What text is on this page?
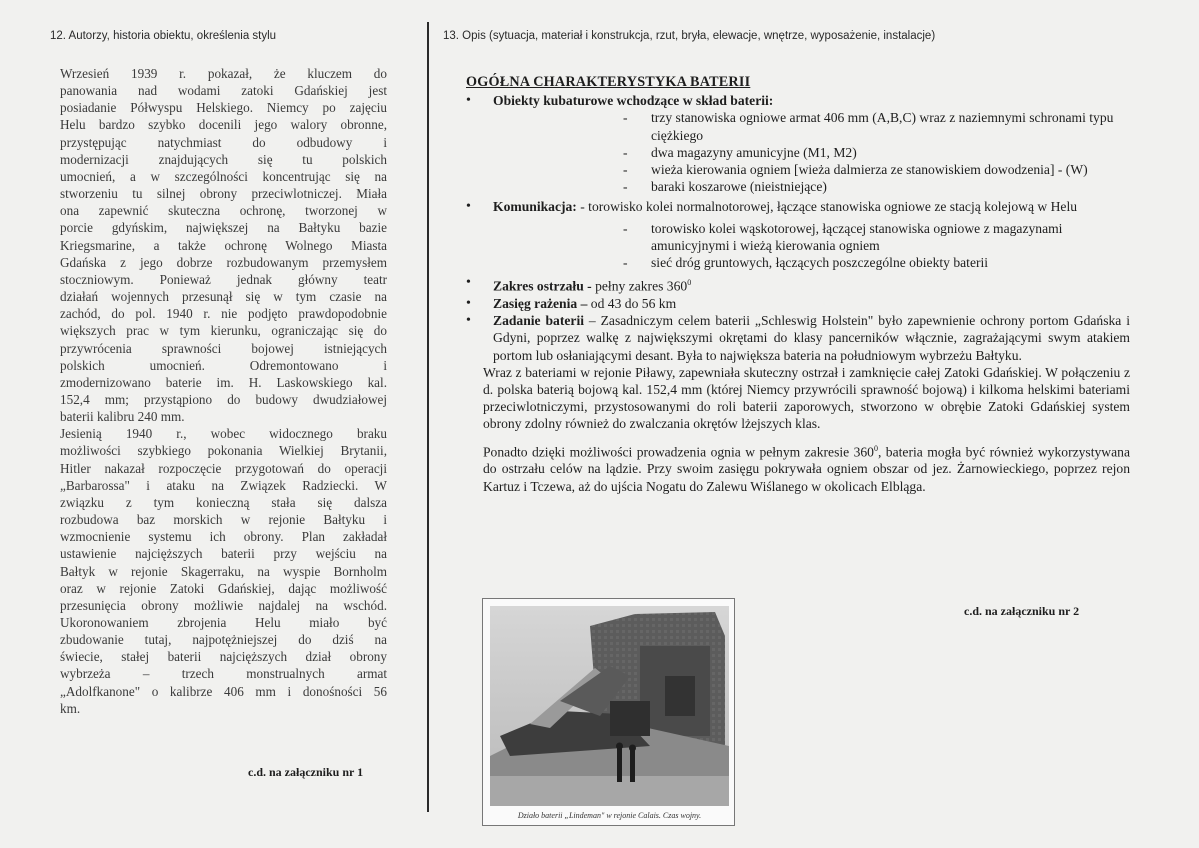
12. Autorzy, historia obiektu, określenia stylu	13. Opis (sytuacja, materiał i konstrukcja, rzut, bryła, elewacje, wnętrze, wyposażenie, instalacje)
Wrzesień 1939 r. pokazał, że kluczem do
panowania nad wodami zatoki Gdańskiej jest
posiadanie Półwyspu Helskiego. Niemcy po zajęciu
Helu bardzo szybko docenili jego walory obronne,
przystępując natychmiast do odbudowy i
modernizacji znajdujących się tu polskich
umocnień, a w szczególności koncentrując się na
stworzeniu tu silnej obrony przeciwlotniczej. Miała
ona zapewnić skuteczna ochronę, tworzonej w
porcie gdyńskim, największej na Bałtyku bazie
Kriegsmarine, a także ochronę Wolnego Miasta
Gdańska z jego dobrze rozbudowanym przemysłem
stoczniowym. Ponieważ jednak główny teatr
działań wojennych przesunął się w tym czasie na
zachód, do pol. 1940 r. nie podjęto prawdopodobnie
większych prac w tym kierunku, ograniczając się do
przywrócenia sprawności bojowej istniejących
polskich umocnień. Odremontowano i
zmodernizowano baterie im. H. Laskowskiego kal.
152,4 mm; przystąpiono do budowy dwudziałowej
baterii kalibru 240 mm.
Jesienią 1940 r., wobec widocznego braku
możliwości szybkiego pokonania Wielkiej Brytanii,
Hitler nakazał rozpoczęcie przygotowań do operacji
„Barbarossa" i ataku na Związek Radziecki. W
związku z tym konieczną stała się dalsza
rozbudowa baz morskich w rejonie Bałtyku i
wzmocnienie systemu ich obrony. Plan zakładał
ustawienie najcięższych baterii przy wejściu na
Bałtyk w rejonie Skagerraku, na wyspie Bornholm
oraz w rejonie Zatoki Gdańskiej, dając możliwość
przesunięcia obrony możliwie najdalej na wschód.
Ukoronowaniem zbrojenia Helu miało być
zbudowanie tutaj, najpotężniejszej do dziś na
świecie, stałej baterii najcięższych dział obrony
wybrzeża – trzech monstrualnych armat
„Adolfkanone" o kalibrze 406 mm i donośności 56
km.
c.d. na załączniku nr 1
OGÓŁNA CHARAKTERYSTYKA BATERII
• Obiekty kubaturowe wchodzące w skład baterii:
- trzy stanowiska ogniowe armat 406 mm (A,B,C) wraz z naziemnymi schronami typu ciężkiego
- dwa magazyny amunicyjne (M1, M2)
- wieża kierowania ogniem [wieża dalmierza ze stanowiskiem dowodzenia] - (W)
- baraki koszarowe (nieistniejące)
• Komunikacja: - torowisko kolei normalnotorowej, łączące stanowiska ogniowe ze stacją kolejową w Helu
- torowisko kolei wąskotorowej, łączącej stanowiska ogniowe z magazynami amunicyjnymi i wieżą kierowania ogniem
- sieć dróg gruntowych, łączących poszczególne obiekty baterii
• Zakres ostrzału - pełny zakres $360^0$
• Zasięg rażenia – od 43 do 56 km
• Zadanie baterii – Zasadniczym celem baterii „Schleswig Holstein" było zapewnienie ochrony portom Gdańska i Gdyni, poprzez walkę z największymi okrętami do klasy pancerników włącznie, zagrażającymi swym atakiem portom lub osłaniającymi desant. Była to największa bateria na południowym wybrzeżu Bałtyku.

Wraz z bateriami w rejonie Piławy, zapewniała skuteczny ostrzał i zamknięcie całej Zatoki Gdańskiej. W połączeniu z d. polska baterią bojową kal. 152,4 mm (której Niemcy przywrócili sprawność bojową) i kilkoma helskimi bateriami przeciwlotniczymi, przystosowanymi do roli baterii zaporowych, stworzono w obrębie Zatoki Gdańskiej system obrony zdolny również do zwalczania okrętów lżejszych klas.

Ponadto dzięki możliwości prowadzenia ognia w pełnym zakresie $360^0$, bateria mogła być również wykorzystywana do ostrzału celów na lądzie. Przy swoim zasięgu pokrywała ogniem obszar od jez. Żarnowieckiego, poprzez rejon Kartuz i Tczewa, aż do ujścia Nogatu do Zalewu Wiślanego w okolicach Elbląga.

c.d. na załączniku nr 2
Działo baterii „Lindeman" w rejonie Calais. Czas wojny.
